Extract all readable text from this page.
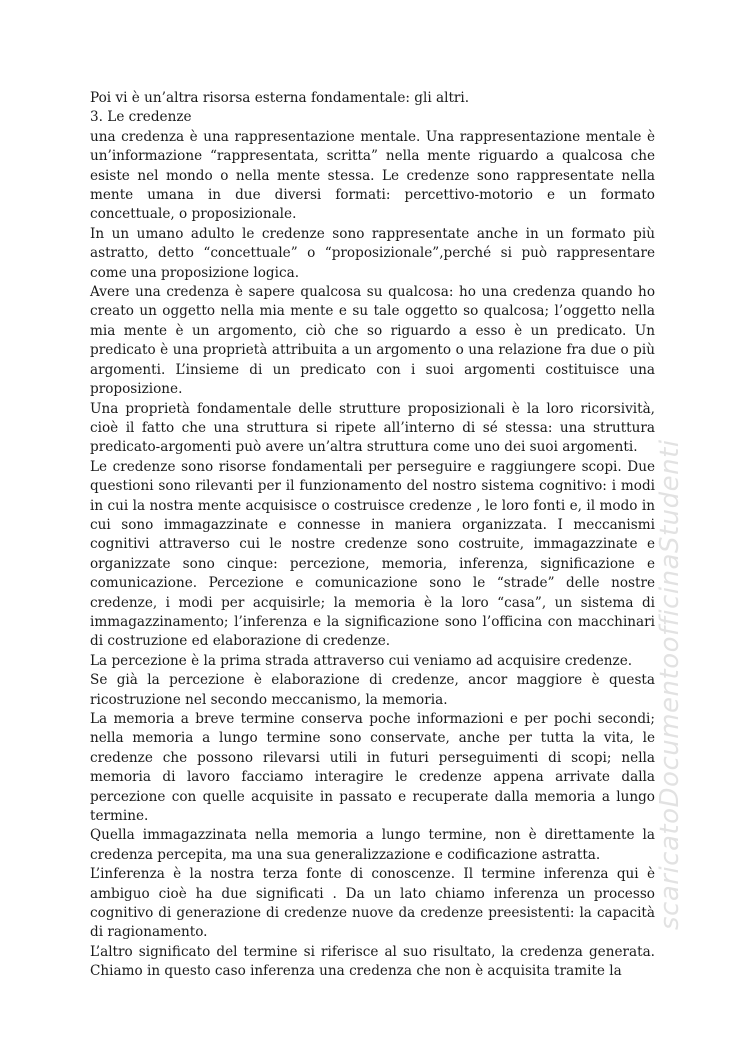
Poi vi è un’altra risorsa esterna fondamentale: gli altri.

3. Le credenze

una credenza è una rappresentazione mentale. Una rappresentazione mentale è un’informazione “rappresentata, scritta” nella mente riguardo a qualcosa che esiste nel mondo o nella mente stessa. Le credenze sono rappresentate nella mente umana in due diversi formati: percettivo-motorio e un formato concettuale, o proposizionale.

In un umano adulto le credenze sono rappresentate anche in un formato più astratto, detto “concettuale” o “proposizionale”,perché si può rappresentare come una proposizione logica.

Avere una credenza è sapere qualcosa su qualcosa: ho una credenza quando ho creato un oggetto nella mia mente e su tale oggetto so qualcosa; l’oggetto nella mia mente è un argomento, ciò che so riguardo a esso è un predicato. Un predicato è una proprietà attribuita a un argomento o una relazione fra due o più argomenti. L’insieme di un predicato con i suoi argomenti costituisce una proposizione.

Una proprietà fondamentale delle strutture proposizionali è la loro ricorsività, cioè il fatto che una struttura si ripete all’interno di sé stessa: una struttura predicato-argomenti può avere un’altra struttura come uno dei suoi argomenti.

Le credenze sono risorse fondamentali per perseguire e raggiungere scopi. Due questioni sono rilevanti per il funzionamento del nostro sistema cognitivo: i modi in cui la nostra mente acquisisce o costruisce credenze , le loro fonti e, il modo in cui sono immagazzinate e connesse in maniera organizzata. I meccanismi cognitivi attraverso cui le nostre credenze sono costruite, immagazzinate e organizzate sono cinque: percezione, memoria, inferenza, significazione e comunicazione. Percezione e comunicazione sono le “strade” delle nostre credenze, i modi per acquisirle; la memoria è la loro “casa”, un sistema di immagazzinamento; l’inferenza e la significazione sono l’officina con macchinari di costruzione ed elaborazione di credenze.

La percezione è la prima strada attraverso cui veniamo ad acquisire credenze.

Se già la percezione è elaborazione di credenze, ancor maggiore è questa ricostruzione nel secondo meccanismo, la memoria.

La memoria a breve termine conserva poche informazioni e per pochi secondi; nella memoria a lungo termine sono conservate, anche per tutta la vita, le credenze che possono rilevarsi utili in futuri perseguimenti di scopi; nella memoria di lavoro facciamo interagire le credenze appena arrivate dalla percezione con quelle acquisite in passato e recuperate dalla memoria a lungo termine.

Quella immagazzinata nella memoria a lungo termine, non è direttamente la credenza percepita, ma una sua generalizzazione e codificazione astratta.

L’inferenza è la nostra terza fonte di conoscenze. Il termine inferenza qui è ambiguo cioè ha due significati . Da un lato chiamo inferenza un processo cognitivo di generazione di credenze nuove da credenze preesistenti: la capacità di ragionamento.

L’altro significato del termine si riferisce al suo risultato, la credenza generata. Chiamo in questo caso inferenza una credenza che non è acquisita tramite la

scaricatoDocumentoofficinaStudenti
